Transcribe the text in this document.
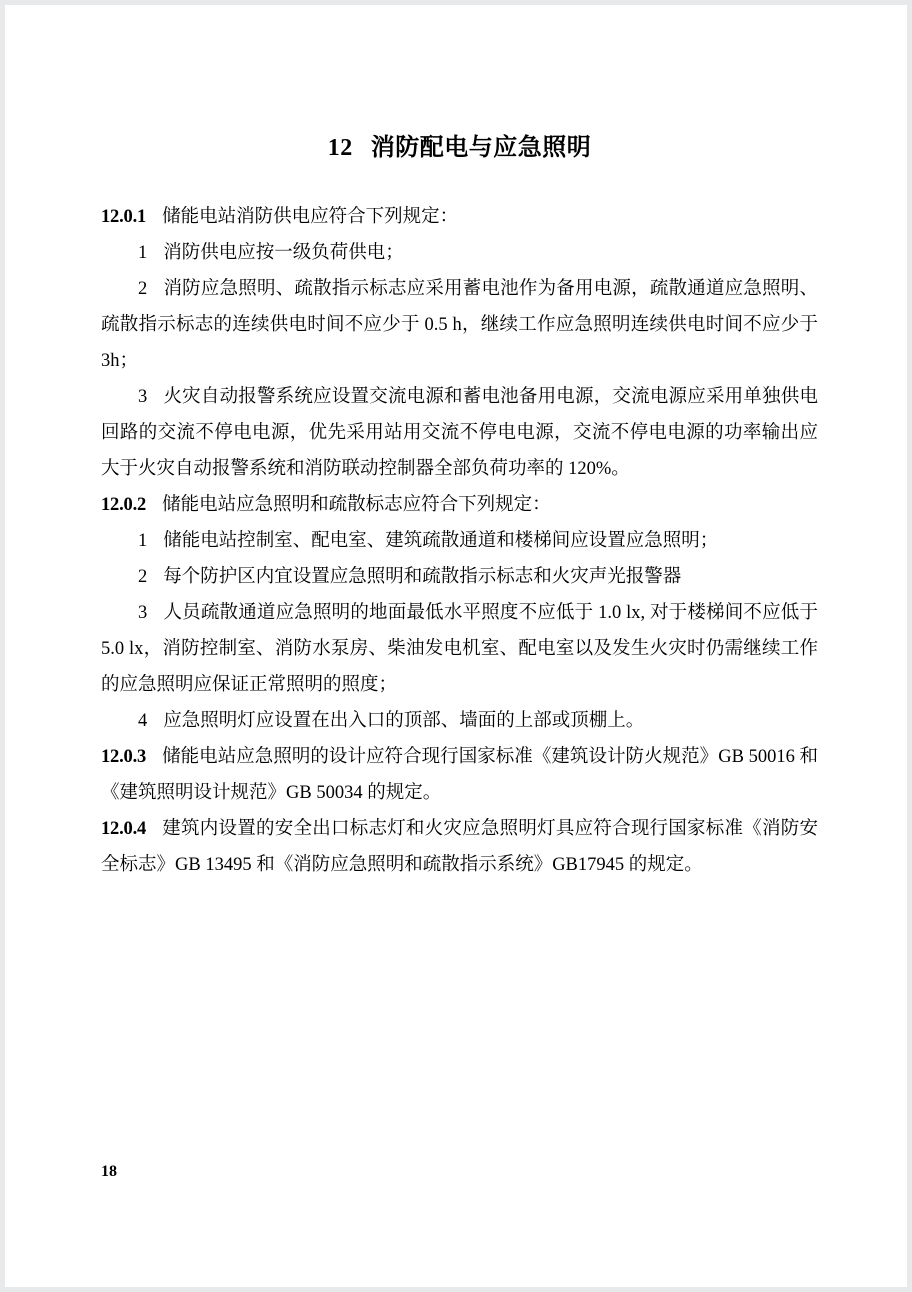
12 消防配电与应急照明

12.0.1 储能电站消防供电应符合下列规定：

1 消防供电应按一级负荷供电；

2 消防应急照明、疏散指示标志应采用蓄电池作为备用电源，疏散通道应急照明、疏散指示标志的连续供电时间不应少于 0.5 h，继续工作应急照明连续供电时间不应少于 3h；

3 火灾自动报警系统应设置交流电源和蓄电池备用电源，交流电源应采用单独供电回路的交流不停电电源，优先采用站用交流不停电电源，交流不停电电源的功率输出应大于火灾自动报警系统和消防联动控制器全部负荷功率的 120%。

12.0.2 储能电站应急照明和疏散标志应符合下列规定：

1 储能电站控制室、配电室、建筑疏散通道和楼梯间应设置应急照明；

2 每个防护区内宜设置应急照明和疏散指示标志和火灾声光报警器

3 人员疏散通道应急照明的地面最低水平照度不应低于 1.0 lx, 对于楼梯间不应低于 5.0 lx，消防控制室、消防水泵房、柴油发电机室、配电室以及发生火灾时仍需继续工作的应急照明应保证正常照明的照度；

4 应急照明灯应设置在出入口的顶部、墙面的上部或顶棚上。

12.0.3 储能电站应急照明的设计应符合现行国家标准《建筑设计防火规范》GB 50016 和《建筑照明设计规范》GB 50034 的规定。

12.0.4 建筑内设置的安全出口标志灯和火灾应急照明灯具应符合现行国家标准《消防安全标志》GB 13495 和《消防应急照明和疏散指示系统》GB17945 的规定。

18
